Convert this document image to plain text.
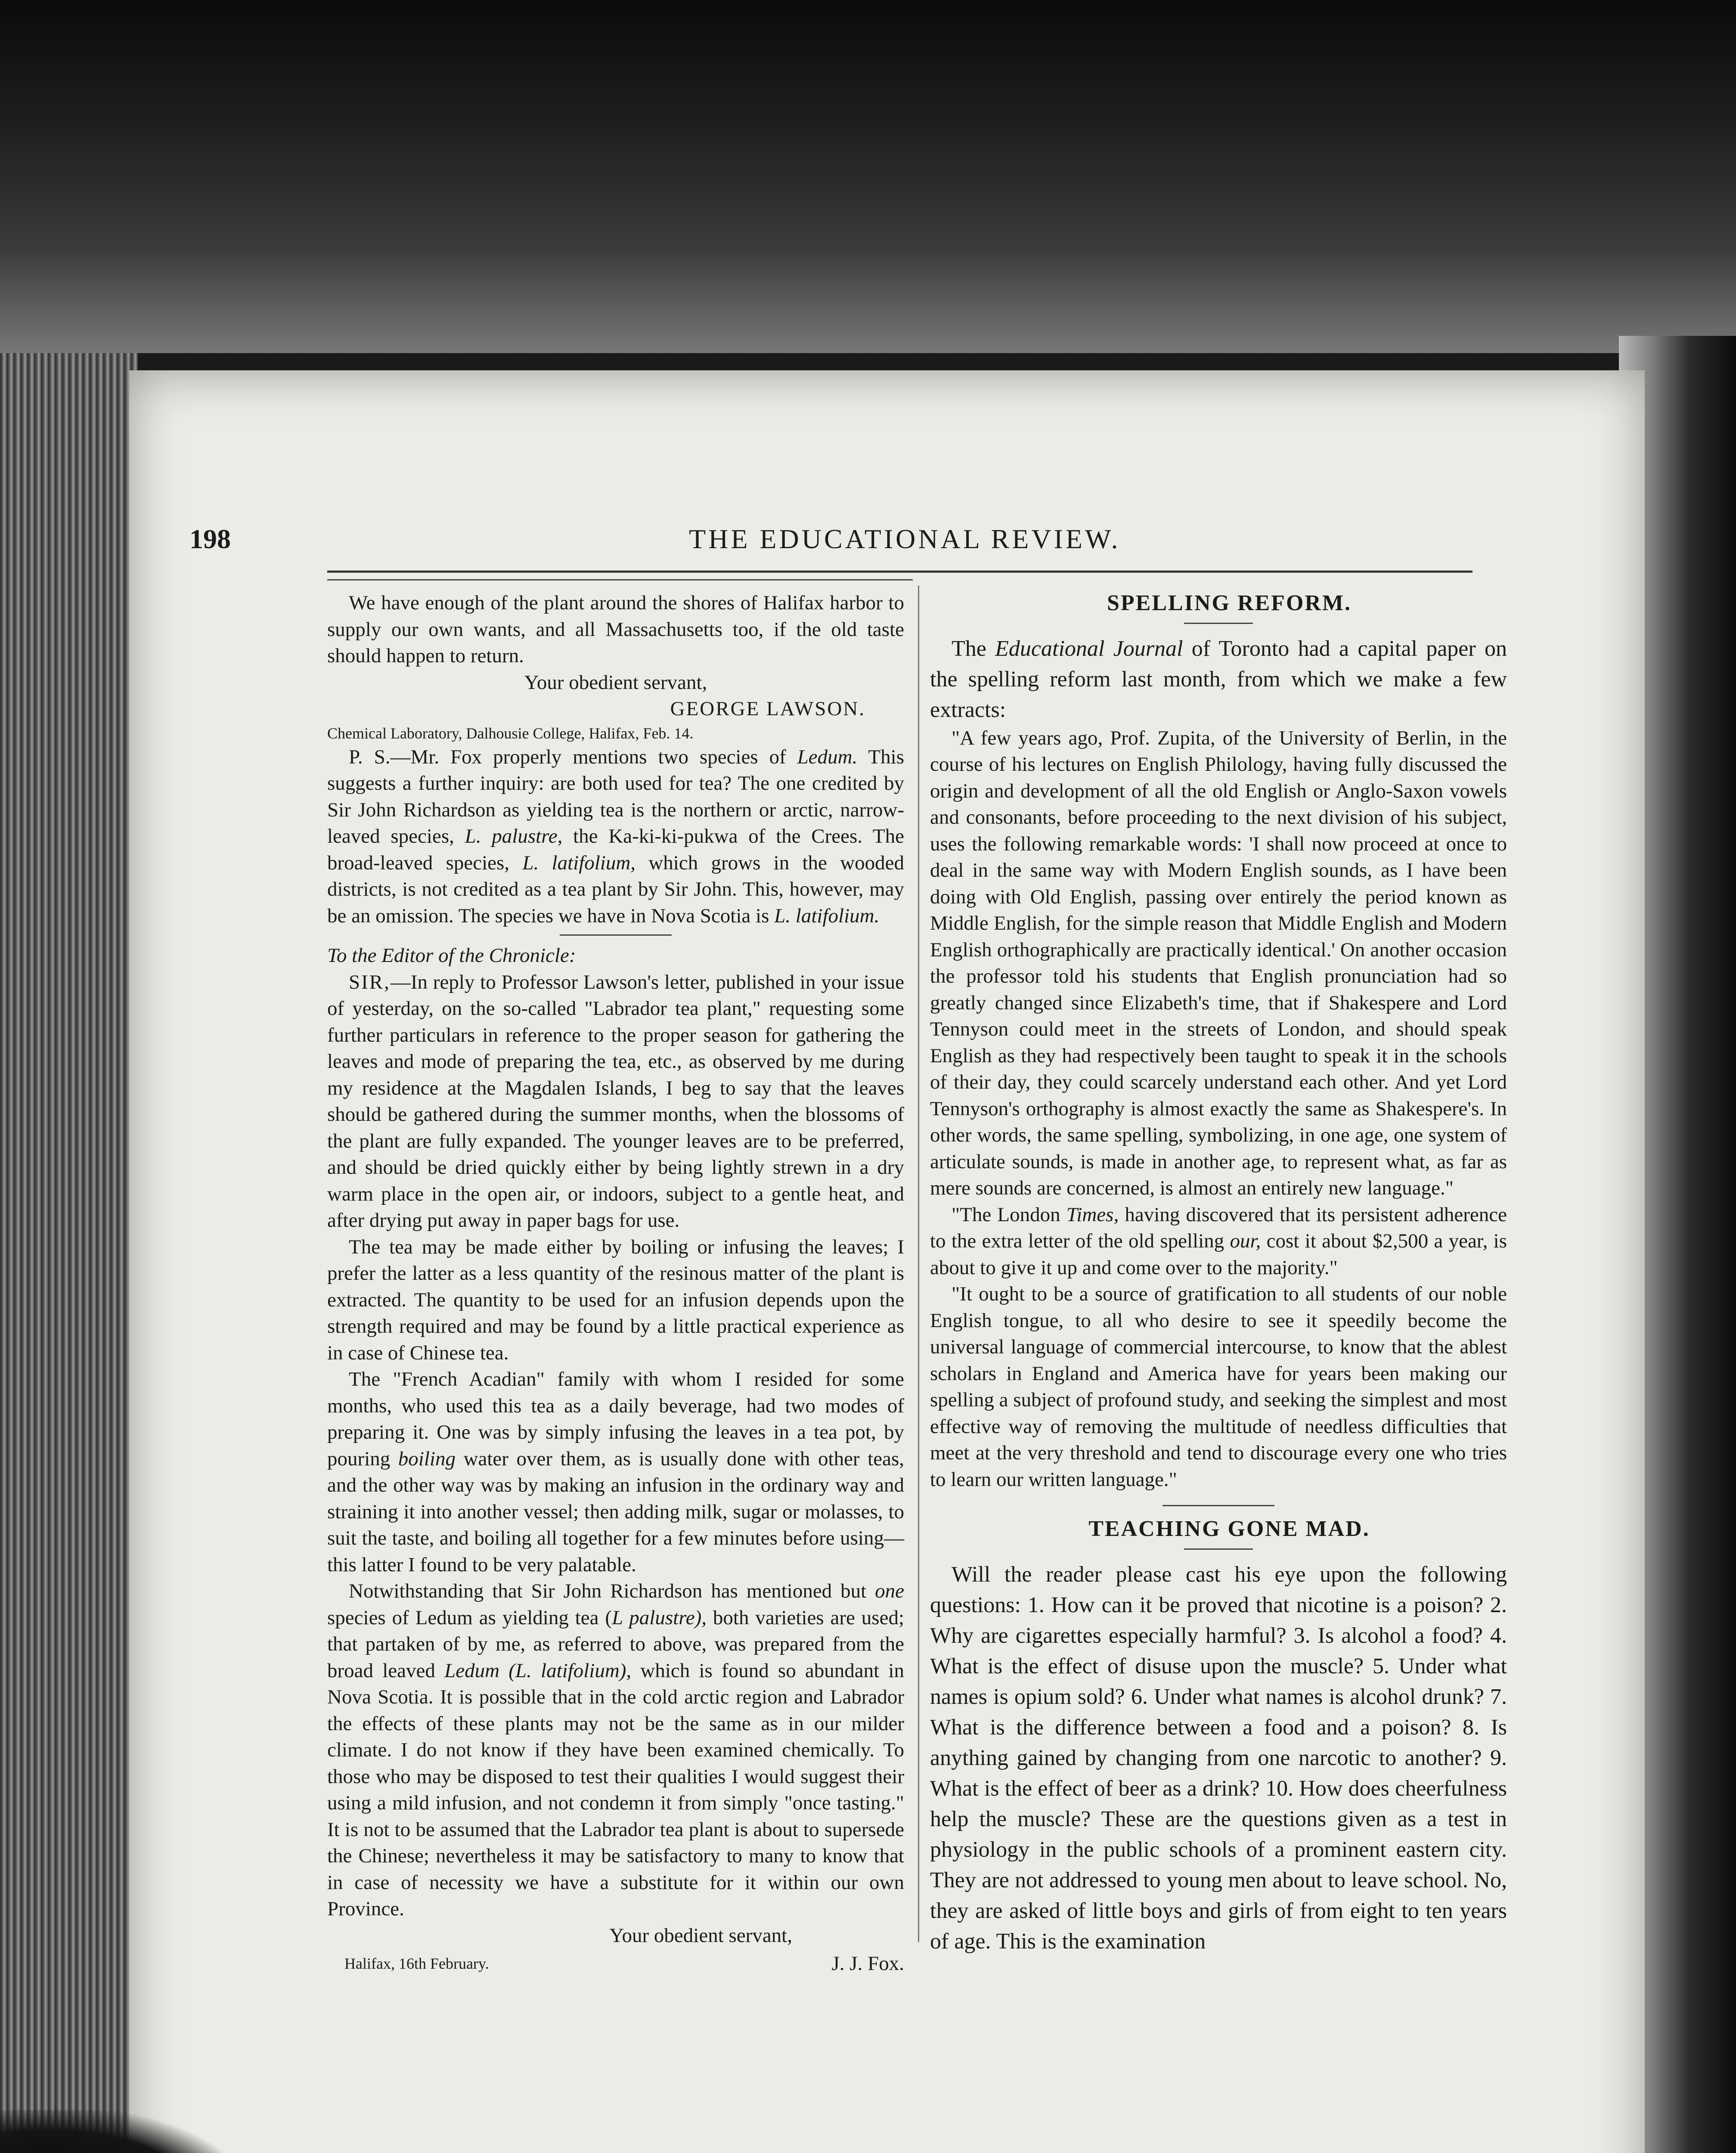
198	THE EDUCATIONAL REVIEW.

We have enough of the plant around the shores of Halifax harbor to supply our own wants, and all Massachusetts too, if the old taste should happen to return.

Your obedient servant,

GEORGE LAWSON.

Chemical Laboratory, Dalhousie College, Halifax, Feb. 14.

P. S.—Mr. Fox properly mentions two species of Ledum. This suggests a further inquiry: are both used for tea? The one credited by Sir John Richardson as yielding tea is the northern or arctic, narrow-leaved species, L. palustre, the Ka-ki-ki-pukwa of the Crees. The broad-leaved species, L. latifolium, which grows in the wooded districts, is not credited as a tea plant by Sir John. This, however, may be an omission. The species we have in Nova Scotia is L. latifolium.

To the Editor of the Chronicle:

SIR,—In reply to Professor Lawson's letter, published in your issue of yesterday, on the so-called "Labrador tea plant," requesting some further particulars in reference to the proper season for gathering the leaves and mode of preparing the tea, etc., as observed by me during my residence at the Magdalen Islands, I beg to say that the leaves should be gathered during the summer months, when the blossoms of the plant are fully expanded. The younger leaves are to be preferred, and should be dried quickly either by being lightly strewn in a dry warm place in the open air, or indoors, subject to a gentle heat, and after drying put away in paper bags for use.

The tea may be made either by boiling or infusing the leaves; I prefer the latter as a less quantity of the resinous matter of the plant is extracted. The quantity to be used for an infusion depends upon the strength required and may be found by a little practical experience as in case of Chinese tea.

The "French Acadian" family with whom I resided for some months, who used this tea as a daily beverage, had two modes of preparing it. One was by simply infusing the leaves in a tea pot, by pouring boiling water over them, as is usually done with other teas, and the other way was by making an infusion in the ordinary way and straining it into another vessel; then adding milk, sugar or molasses, to suit the taste, and boiling all together for a few minutes before using—this latter I found to be very palatable.

Notwithstanding that Sir John Richardson has mentioned but one species of Ledum as yielding tea (L palustre), both varieties are used; that partaken of by me, as referred to above, was prepared from the broad leaved Ledum (L. latifolium), which is found so abundant in Nova Scotia. It is possible that in the cold arctic region and Labrador the effects of these plants may not be the same as in our milder climate. I do not know if they have been examined chemically. To those who may be disposed to test their qualities I would suggest their using a mild infusion, and not condemn it from simply "once tasting." It is not to be assumed that the Labrador tea plant is about to supersede the Chinese; nevertheless it may be satisfactory to many to know that in case of necessity we have a substitute for it within our own Province.

Your obedient servant,

Halifax, 16th February.	J. J. Fox.

SPELLING REFORM.

The Educational Journal of Toronto had a capital paper on the spelling reform last month, from which we make a few extracts:

"A few years ago, Prof. Zupita, of the University of Berlin, in the course of his lectures on English Philology, having fully discussed the origin and development of all the old English or Anglo-Saxon vowels and consonants, before proceeding to the next division of his subject, uses the following remarkable words: 'I shall now proceed at once to deal in the same way with Modern English sounds, as I have been doing with Old English, passing over entirely the period known as Middle English, for the simple reason that Middle English and Modern English orthographically are practically identical.' On another occasion the professor told his students that English pronunciation had so greatly changed since Elizabeth's time, that if Shakespere and Lord Tennyson could meet in the streets of London, and should speak English as they had respectively been taught to speak it in the schools of their day, they could scarcely understand each other. And yet Lord Tennyson's orthography is almost exactly the same as Shakespere's. In other words, the same spelling, symbolizing, in one age, one system of articulate sounds, is made in another age, to represent what, as far as mere sounds are concerned, is almost an entirely new language."

"The London Times, having discovered that its persistent adherence to the extra letter of the old spelling our, cost it about $2,500 a year, is about to give it up and come over to the majority."

"It ought to be a source of gratification to all students of our noble English tongue, to all who desire to see it speedily become the universal language of commercial intercourse, to know that the ablest scholars in England and America have for years been making our spelling a subject of profound study, and seeking the simplest and most effective way of removing the multitude of needless difficulties that meet at the very threshold and tend to discourage every one who tries to learn our written language."

TEACHING GONE MAD.

Will the reader please cast his eye upon the following questions: 1. How can it be proved that nicotine is a poison? 2. Why are cigarettes especially harmful? 3. Is alcohol a food? 4. What is the effect of disuse upon the muscle? 5. Under what names is opium sold? 6. Under what names is alcohol drunk? 7. What is the difference between a food and a poison? 8. Is anything gained by changing from one narcotic to another? 9. What is the effect of beer as a drink? 10. How does cheerfulness help the muscle? These are the questions given as a test in physiology in the public schools of a prominent eastern city. They are not addressed to young men about to leave school. No, they are asked of little boys and girls of from eight to ten years of age. This is the examination
